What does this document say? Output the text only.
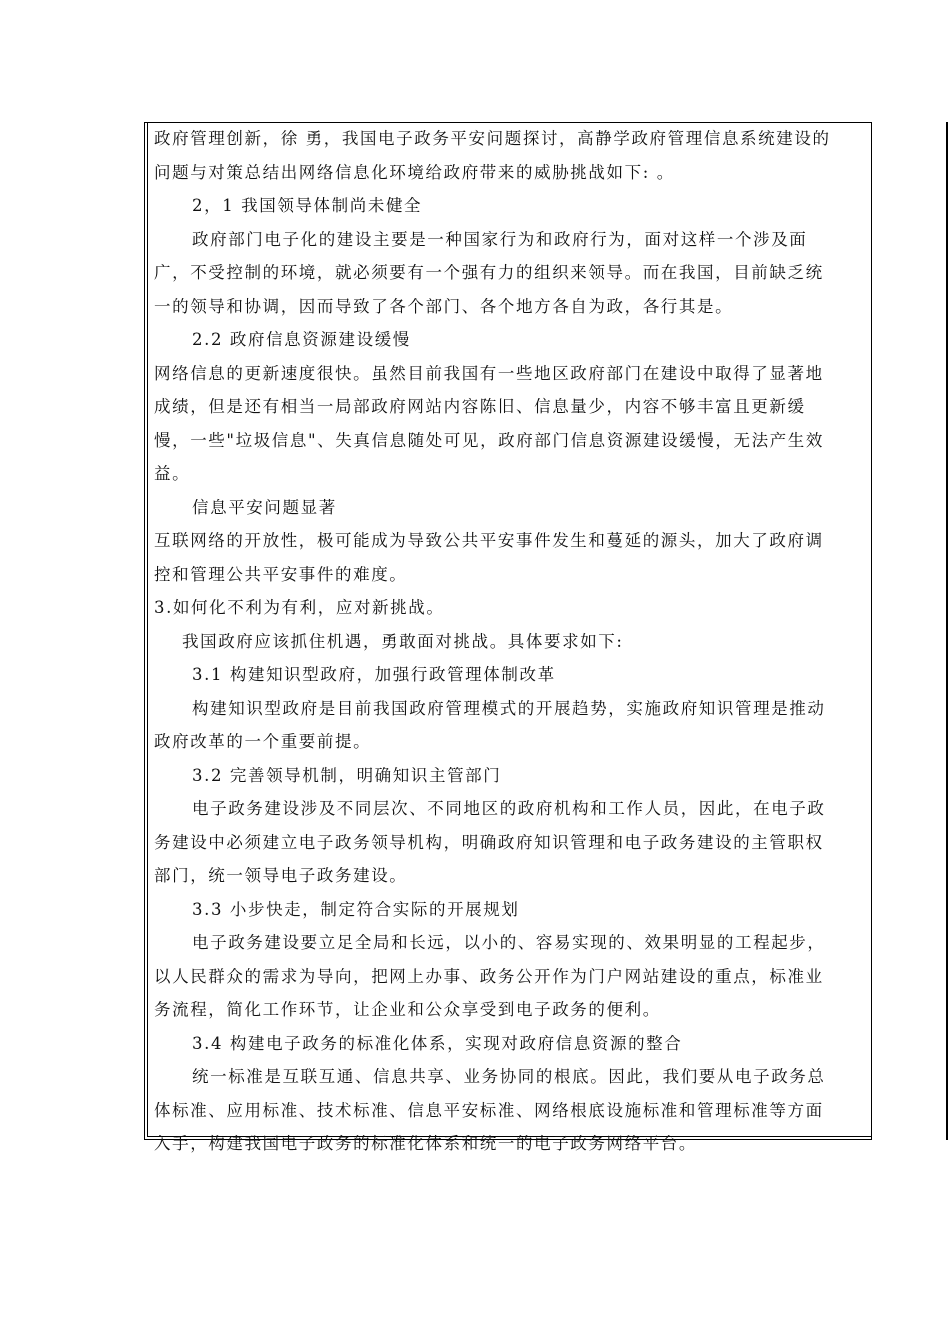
政府管理创新，徐 勇，我国电子政务平安问题探讨，高静学政府管理信息系统建设的
问题与对策总结出网络信息化环境给政府带来的威胁挑战如下: 。
2，1 我国领导体制尚未健全
政府部门电子化的建设主要是一种国家行为和政府行为，面对这样一个涉及面
广，不受控制的环境，就必须要有一个强有力的组织来领导。而在我国，目前缺乏统
一的领导和协调，因而导致了各个部门、各个地方各自为政，各行其是。
2.2 政府信息资源建设缓慢
网络信息的更新速度很快。虽然目前我国有一些地区政府部门在建设中取得了显著地
成绩，但是还有相当一局部政府网站内容陈旧、信息量少，内容不够丰富且更新缓
慢，一些"垃圾信息"、失真信息随处可见，政府部门信息资源建设缓慢，无法产生效
益。
信息平安问题显著
互联网络的开放性，极可能成为导致公共平安事件发生和蔓延的源头，加大了政府调
控和管理公共平安事件的难度。
3.如何化不利为有利，应对新挑战。
我国政府应该抓住机遇，勇敢面对挑战。具体要求如下:
3.1 构建知识型政府，加强行政管理体制改革
构建知识型政府是目前我国政府管理模式的开展趋势，实施政府知识管理是推动
政府改革的一个重要前提。
3.2 完善领导机制，明确知识主管部门
电子政务建设涉及不同层次、不同地区的政府机构和工作人员，因此，在电子政
务建设中必须建立电子政务领导机构，明确政府知识管理和电子政务建设的主管职权
部门，统一领导电子政务建设。
3.3 小步快走，制定符合实际的开展规划
电子政务建设要立足全局和长远，以小的、容易实现的、效果明显的工程起步，
以人民群众的需求为导向，把网上办事、政务公开作为门户网站建设的重点，标准业
务流程，简化工作环节，让企业和公众享受到电子政务的便利。
3.4 构建电子政务的标准化体系，实现对政府信息资源的整合
统一标准是互联互通、信息共享、业务协同的根底。因此，我们要从电子政务总
体标准、应用标准、技术标准、信息平安标准、网络根底设施标准和管理标准等方面
入手，构建我国电子政务的标准化体系和统一的电子政务网络平台。
